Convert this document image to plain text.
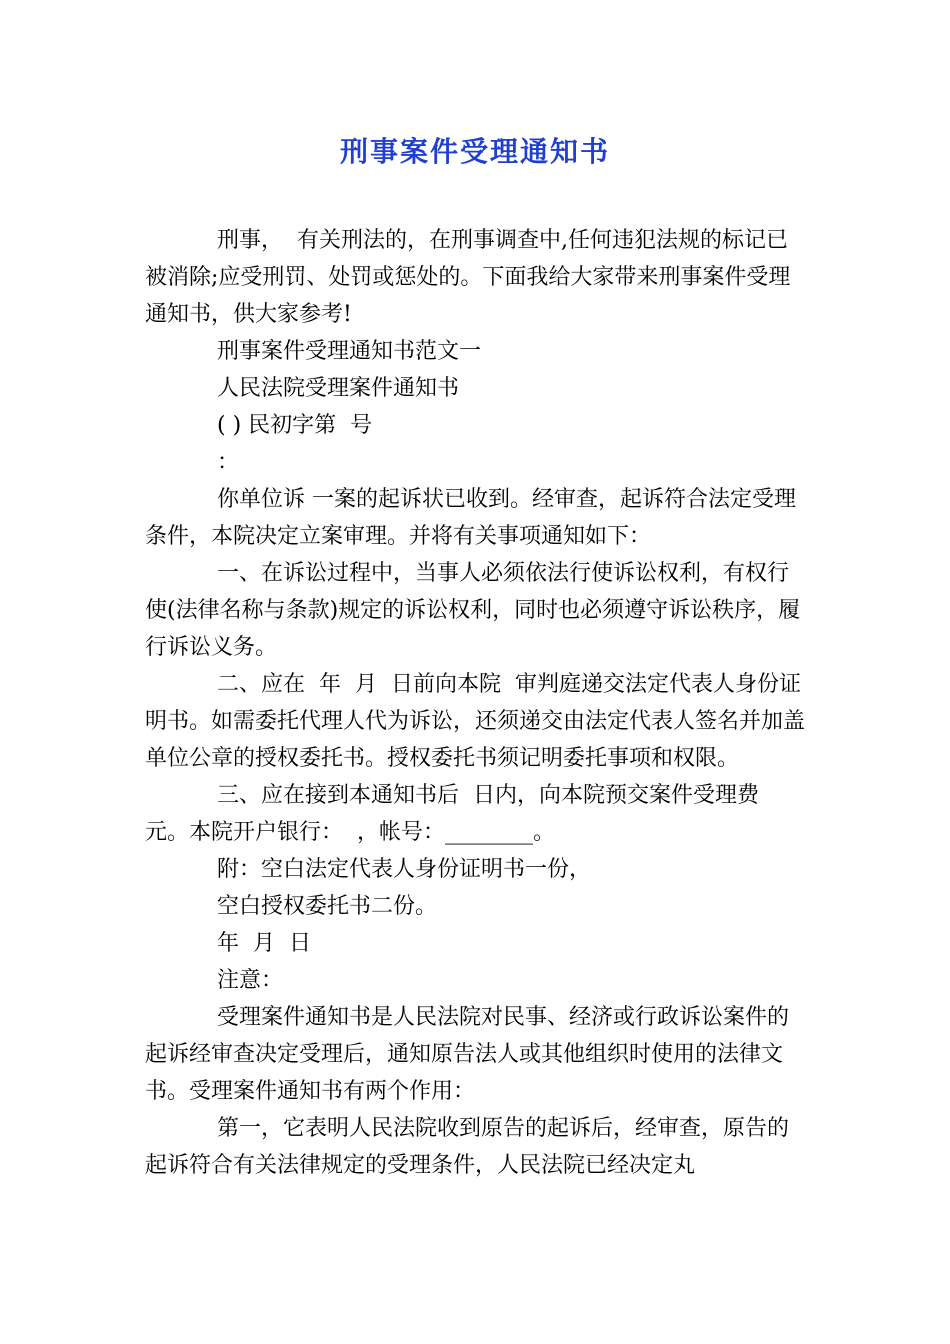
刑事案件受理通知书

刑事，  有关刑法的，在刑事调查中,任何违犯法规的标记已被消除;应受刑罚、处罚或惩处的。下面我给大家带来刑事案件受理通知书，供大家参考!

刑事案件受理通知书范文一

人民法院受理案件通知书

( ) 民初字第  号

：

你单位诉 一案的起诉状已收到。经审查，起诉符合法定受理条件，本院决定立案审理。并将有关事项通知如下：

一、在诉讼过程中，当事人必须依法行使诉讼权利，有权行使(法律名称与条款)规定的诉讼权利，同时也必须遵守诉讼秩序，履行诉讼义务。

二、应在  年  月  日前向本院  审判庭递交法定代表人身份证明书。如需委托代理人代为诉讼，还须递交由法定代表人签名并加盖单位公章的授权委托书。授权委托书须记明委托事项和权限。

三、应在接到本通知书后  日内，向本院预交案件受理费  元。本院开户银行：  ，帐号：________。

附：空白法定代表人身份证明书一份，

空白授权委托书二份。

年  月  日

注意：

受理案件通知书是人民法院对民事、经济或行政诉讼案件的起诉经审查决定受理后，通知原告法人或其他组织时使用的法律文书。受理案件通知书有两个作用：

第一，它表明人民法院收到原告的起诉后，经审查，原告的起诉符合有关法律规定的受理条件，人民法院已经决定丸
